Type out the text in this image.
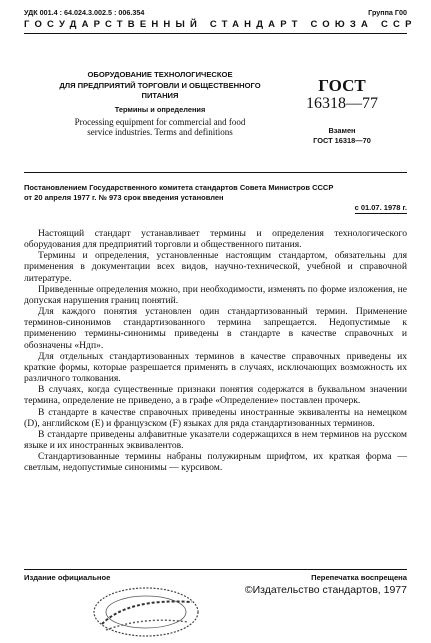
УДК 001.4 : 64.024.3.002.5 : 006.354	Группа Г00
ГОСУДАРСТВЕННЫЙ СТАНДАРТ СОЮЗА ССР
ОБОРУДОВАНИЕ ТЕХНОЛОГИЧЕСКОЕ
ДЛЯ ПРЕДПРИЯТИЙ ТОРГОВЛИ И ОБЩЕСТВЕННОГО
ПИТАНИЯ
Термины и определения
Processing equipment for commercial and food
service industries. Terms and definitions
ГОСТ
16318—77
Взамен
ГОСТ 16318—70
Постановлением Государственного комитета стандартов Совета Министров СССР
от 20 апреля 1977 г. № 973 срок введения установлен
с 01.07. 1978 г.

Настоящий стандарт устанавливает термины и определения технологического оборудования для предприятий торговли и общественного питания.

Термины и определения, установленные настоящим стандартом, обязательны для применения в документации всех видов, научно-технической, учебной и справочной литературе.

Приведенные определения можно, при необходимости, изменять по форме изложения, не допуская нарушения границ понятий.

Для каждого понятия установлен один стандартизованный термин. Применение терминов-синонимов стандартизованного термина запрещается. Недопустимые к применению термины-синонимы приведены в стандарте в качестве справочных и обозначены «Ндп».

Для отдельных стандартизованных терминов в качестве справочных приведены их краткие формы, которые разрешается применять в случаях, исключающих возможность их различного толкования.

В случаях, когда существенные признаки понятия содержатся в буквальном значении термина, определение не приведено, а в графе «Определение» поставлен прочерк.

В стандарте в качестве справочных приведены иностранные эквиваленты на немецком (D), английском (E) и французском (F) языках для ряда стандартизованных терминов.

В стандарте приведены алфавитные указатели содержащихся в нем терминов на русском языке и их иностранных эквивалентов.

Стандартизованные термины набраны полужирным шрифтом, их краткая форма — светлым, недопустимые синонимы — курсивом.

Издание официальное	Перепечатка воспрещена
©Издательство стандартов, 1977
